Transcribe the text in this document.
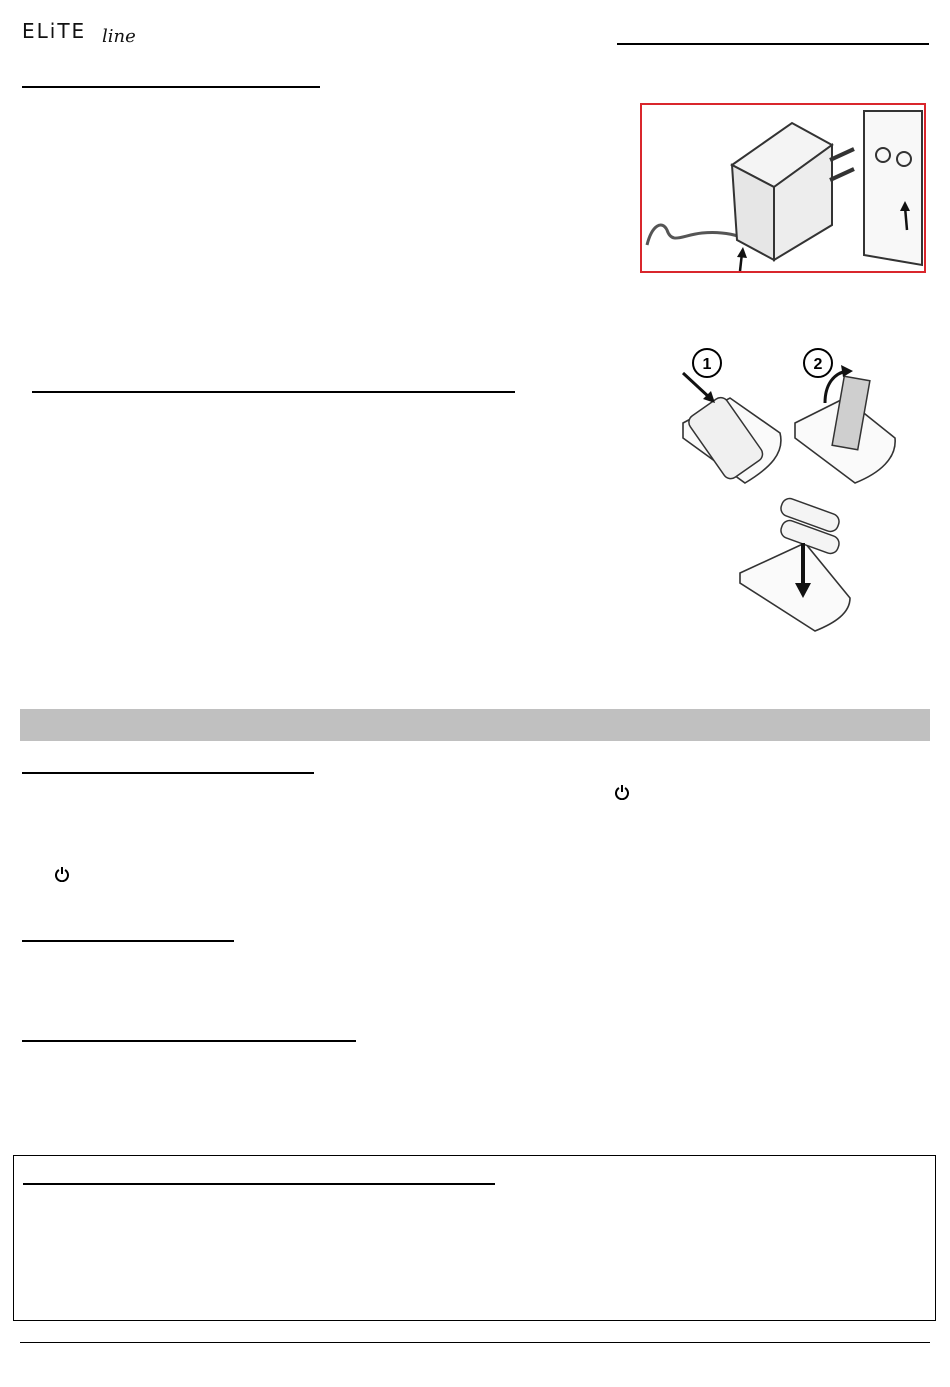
ELiTE line
1	2
